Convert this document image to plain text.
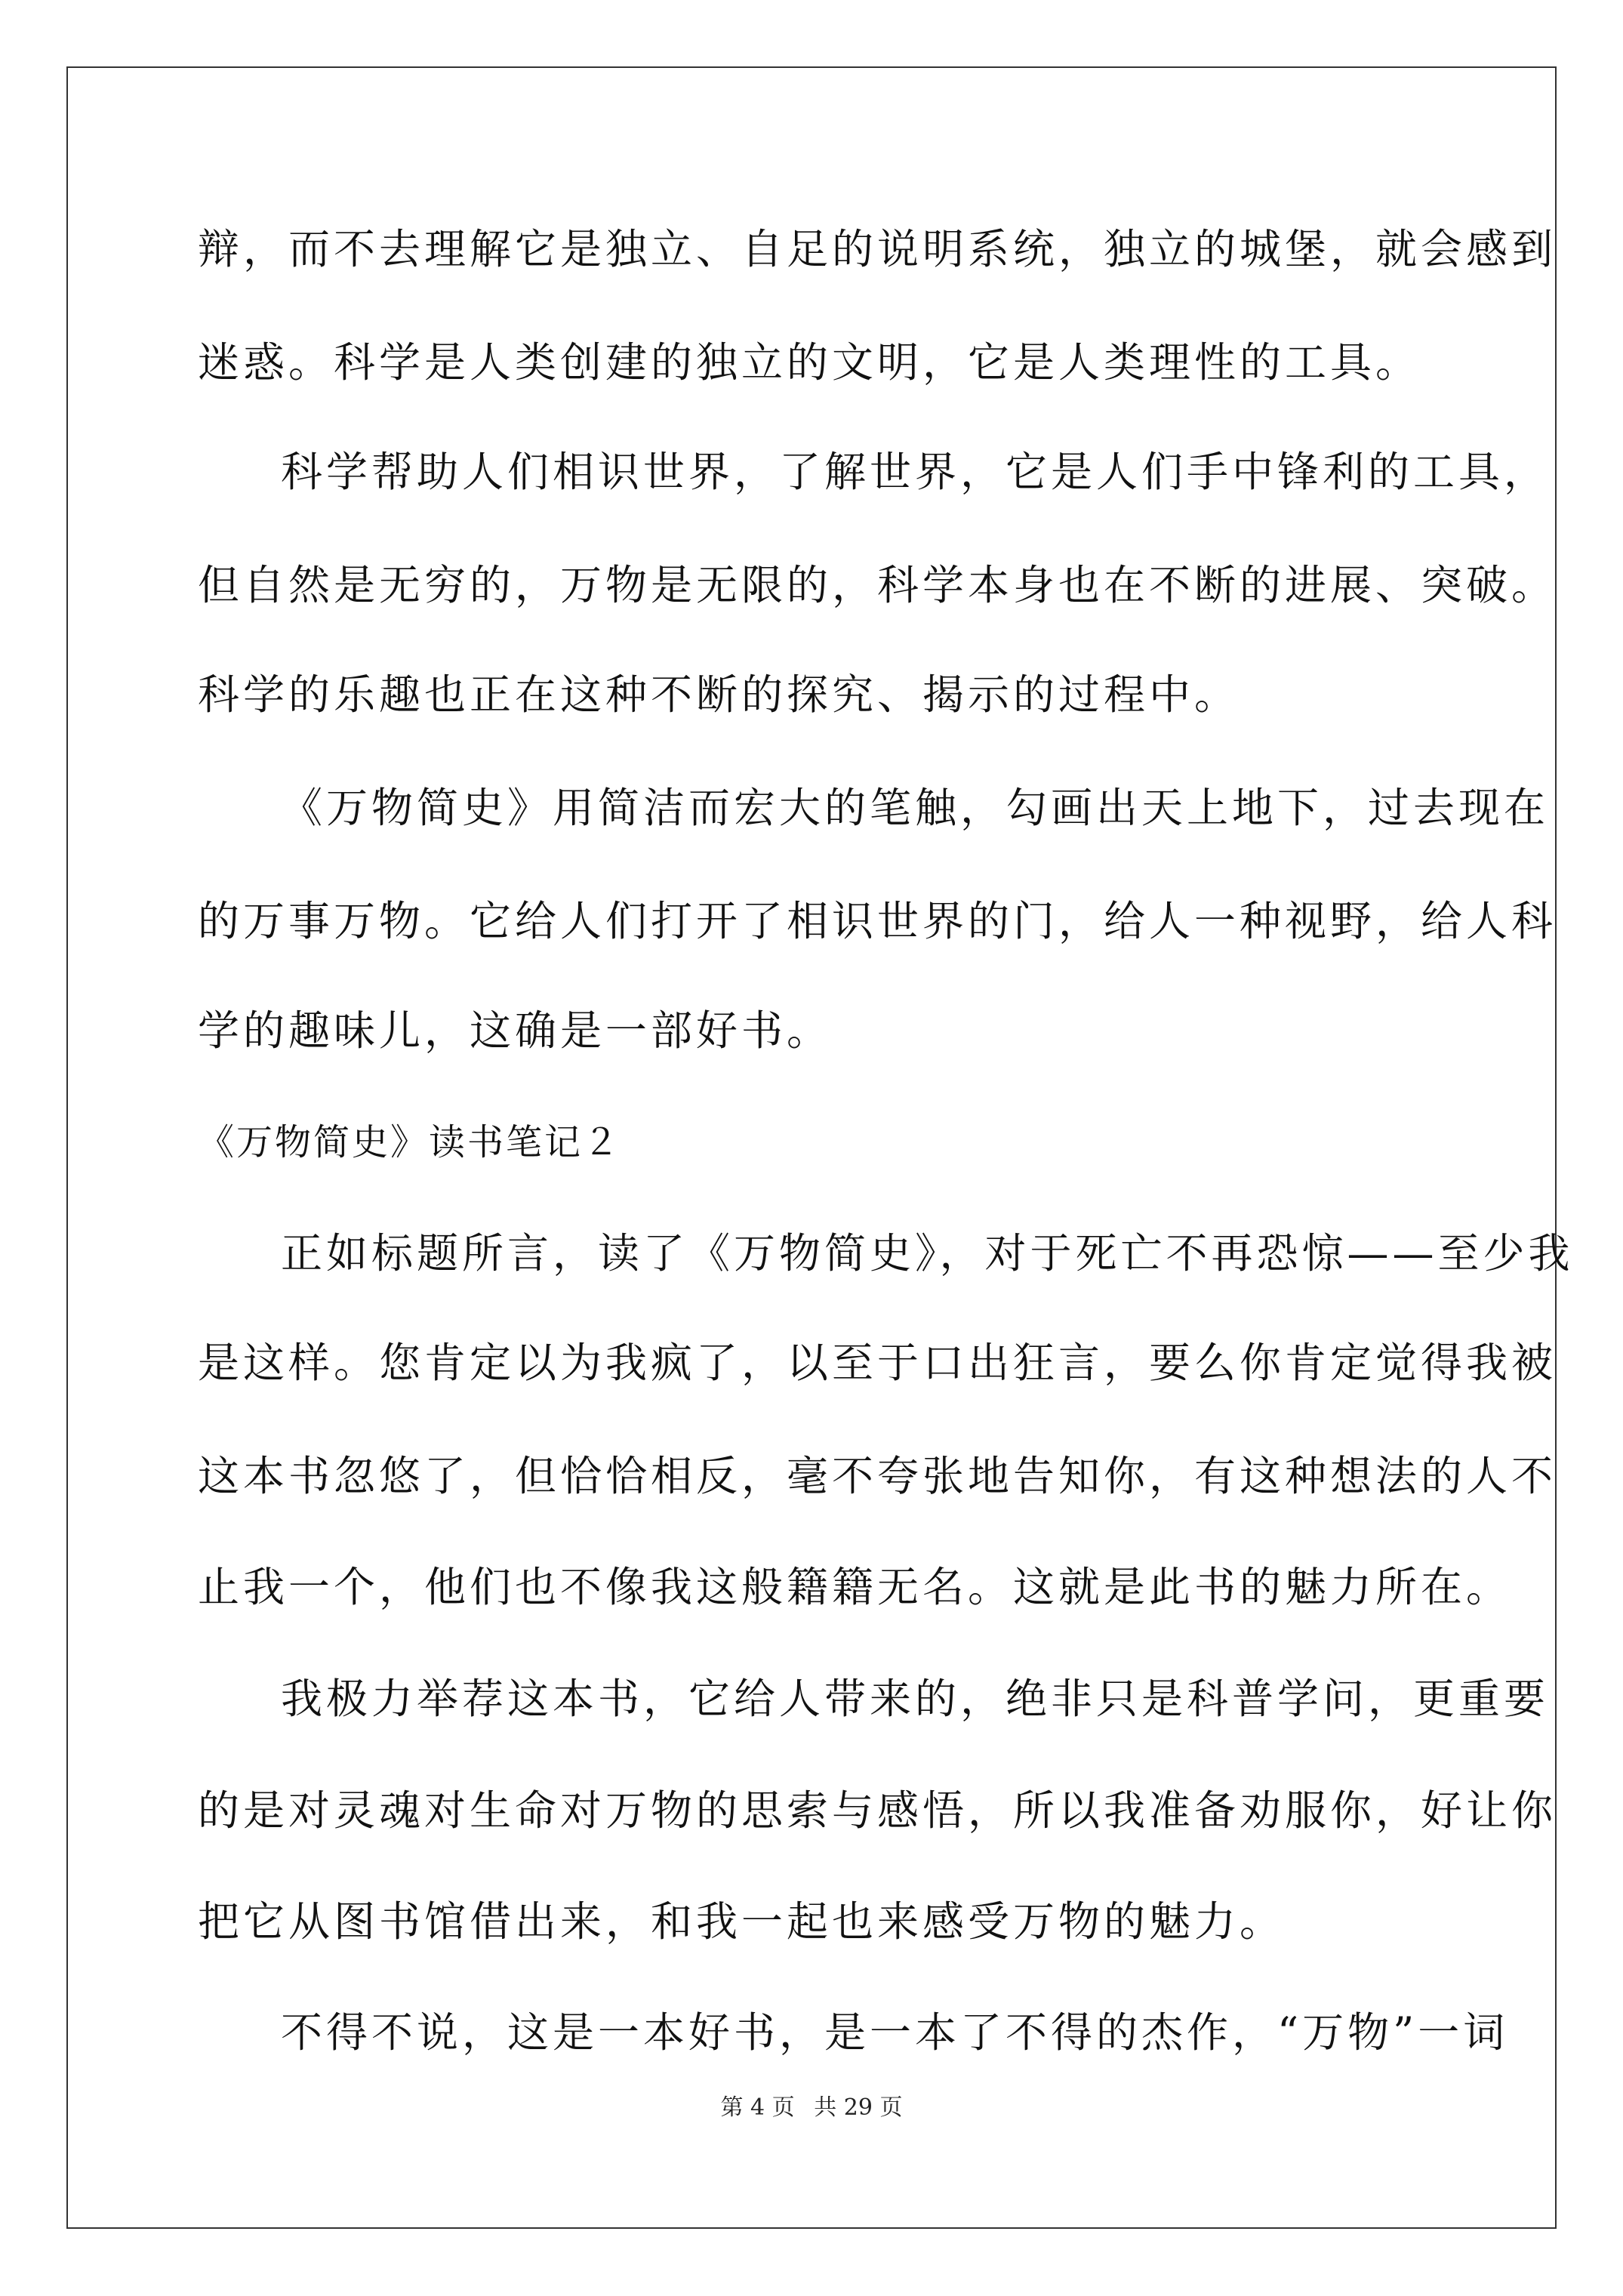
辩，而不去理解它是独立、自足的说明系统，独立的城堡，就会感到
迷惑。科学是人类创建的独立的文明，它是人类理性的工具。
科学帮助人们相识世界，了解世界，它是人们手中锋利的工具，
但自然是无穷的，万物是无限的，科学本身也在不断的进展、突破。
科学的乐趣也正在这种不断的探究、揭示的过程中。
《万物简史》用简洁而宏大的笔触，勾画出天上地下，过去现在
的万事万物。它给人们打开了相识世界的门，给人一种视野，给人科
学的趣味儿，这确是一部好书。
《万物简史》读书笔记２
正如标题所言，读了《万物简史》，对于死亡不再恐惊——至少我
是这样。您肯定以为我疯了，以至于口出狂言，要么你肯定觉得我被
这本书忽悠了，但恰恰相反，毫不夸张地告知你，有这种想法的人不
止我一个，他们也不像我这般籍籍无名。这就是此书的魅力所在。
我极力举荐这本书，它给人带来的，绝非只是科普学问，更重要
的是对灵魂对生命对万物的思索与感悟，所以我准备劝服你，好让你
把它从图书馆借出来，和我一起也来感受万物的魅力。
不得不说，这是一本好书，是一本了不得的杰作，“万物”一词
第 4 页 共 29 页
